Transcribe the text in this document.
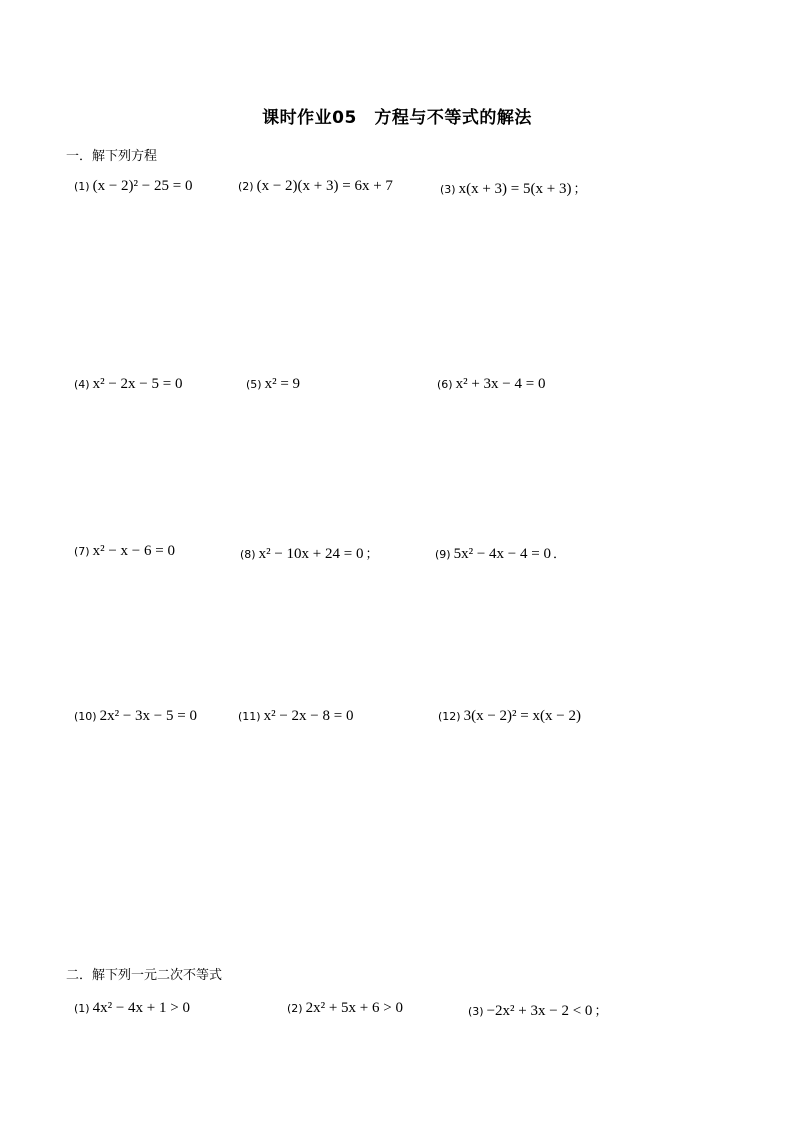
课时作业05　方程与不等式的解法
一．解下列方程
(1) (x − 2)² − 25 = 0	(2) (x − 2)(x + 3) = 6x + 7	(3) x(x + 3) = 5(x + 3) ；
(4) x² − 2x − 5 = 0	(5) x² = 9	(6) x² + 3x − 4 = 0
(7) x² − x − 6 = 0	(8) x² − 10x + 24 = 0 ；	(9) 5x² − 4x − 4 = 0 ．
(10) 2x² − 3x − 5 = 0	(11) x² − 2x − 8 = 0	(12) 3(x − 2)² = x(x − 2)
二．解下列一元二次不等式
(1) 4x² − 4x + 1 > 0	(2) 2x² + 5x + 6 > 0	(3) −2x² + 3x − 2 < 0 ；
